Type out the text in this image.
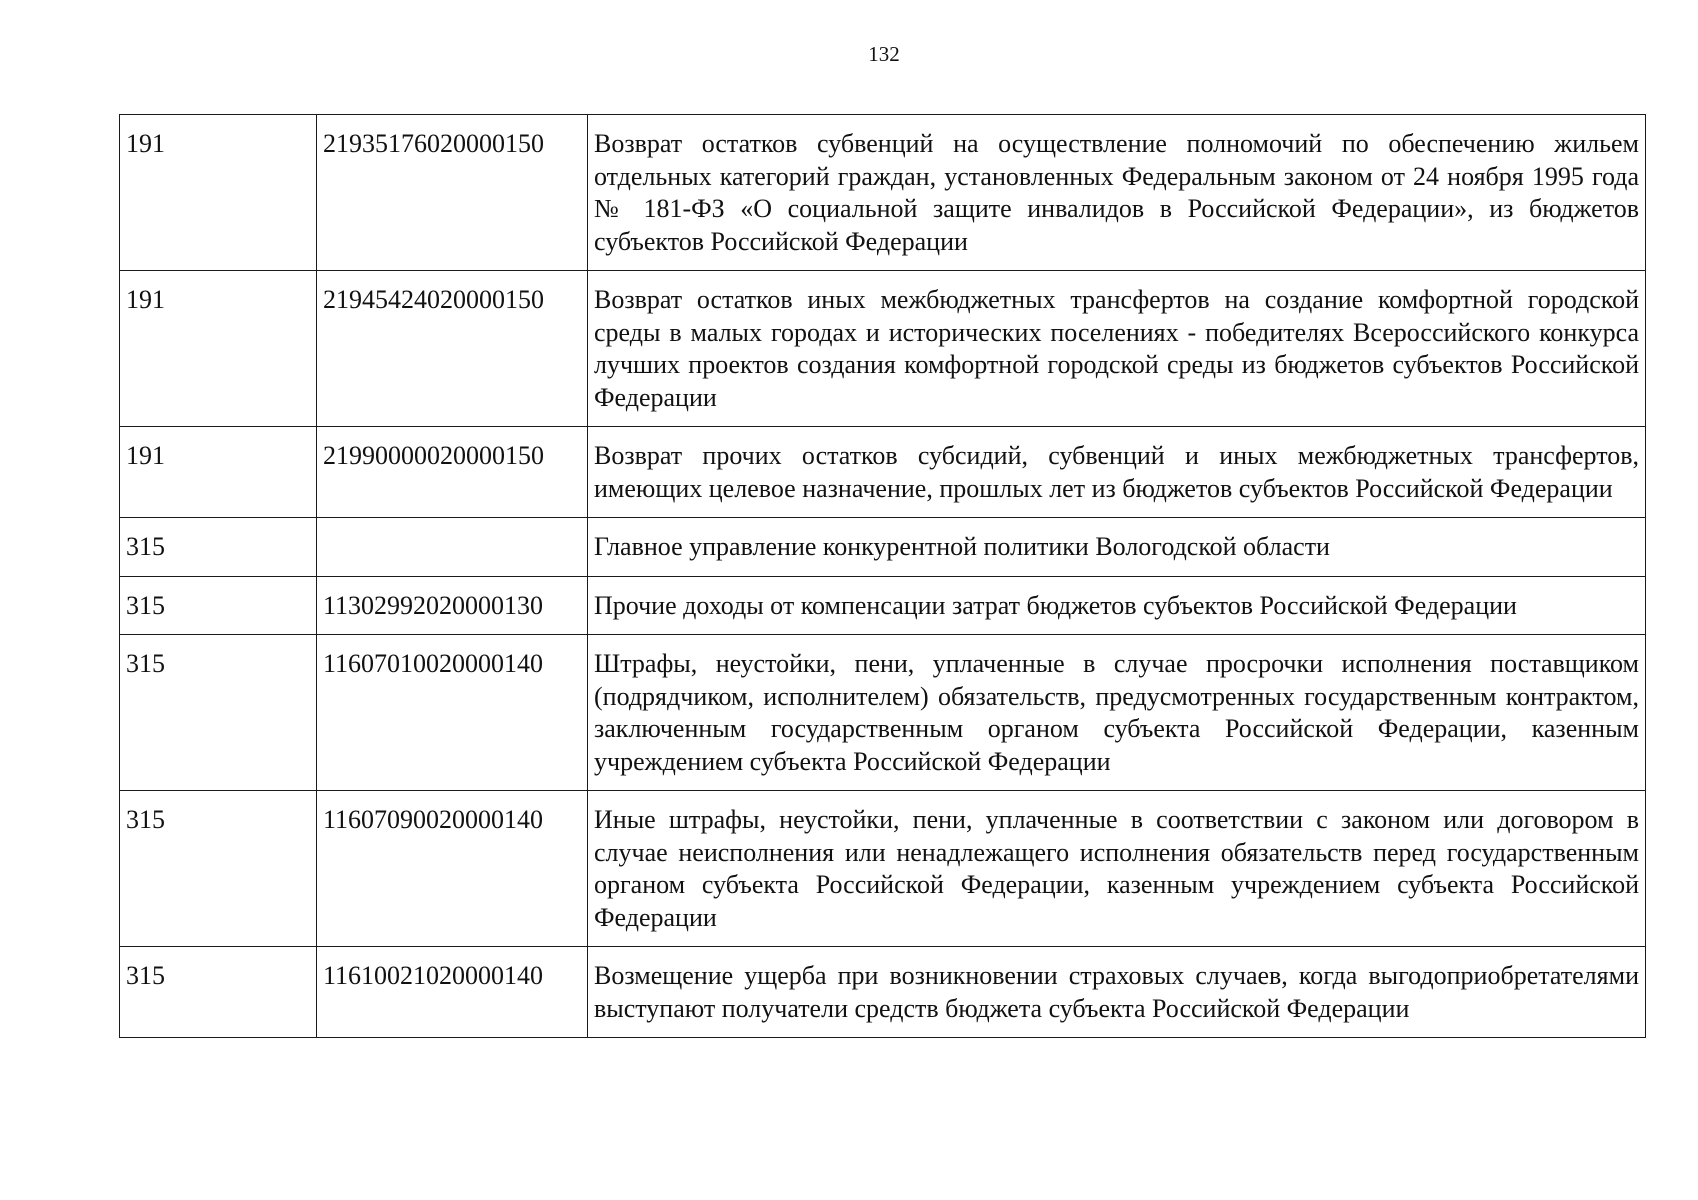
132
191	21935176020000150	Возврат остатков субвенций на осуществление полномочий по обеспечению жильем отдельных категорий граждан, установленных Федеральным законом от 24 ноября 1995 года № 181-ФЗ «О социальной защите инвалидов в Российской Федерации», из бюджетов субъектов Российской Федерации
191	21945424020000150	Возврат остатков иных межбюджетных трансфертов на создание комфортной городской среды в малых городах и исторических поселениях - победителях Всероссийского конкурса лучших проектов создания комфортной городской среды из бюджетов субъектов Российской Федерации
191	21990000020000150	Возврат прочих остатков субсидий, субвенций и иных межбюджетных трансфертов, имеющих целевое назначение, прошлых лет из бюджетов субъектов Российской Федерации
315		Главное управление конкурентной политики Вологодской области
315	11302992020000130	Прочие доходы от компенсации затрат бюджетов субъектов Российской Федерации
315	11607010020000140	Штрафы, неустойки, пени, уплаченные в случае просрочки исполнения поставщиком (подрядчиком, исполнителем) обязательств, предусмотренных государственным контрактом, заключенным государственным органом субъекта Российской Федерации, казенным учреждением субъекта Российской Федерации
315	11607090020000140	Иные штрафы, неустойки, пени, уплаченные в соответствии с законом или договором в случае неисполнения или ненадлежащего исполнения обязательств перед государственным органом субъекта Российской Федерации, казенным учреждением субъекта Российской Федерации
315	11610021020000140	Возмещение ущерба при возникновении страховых случаев, когда выгодоприобретателями выступают получатели средств бюджета субъекта Российской Федерации
